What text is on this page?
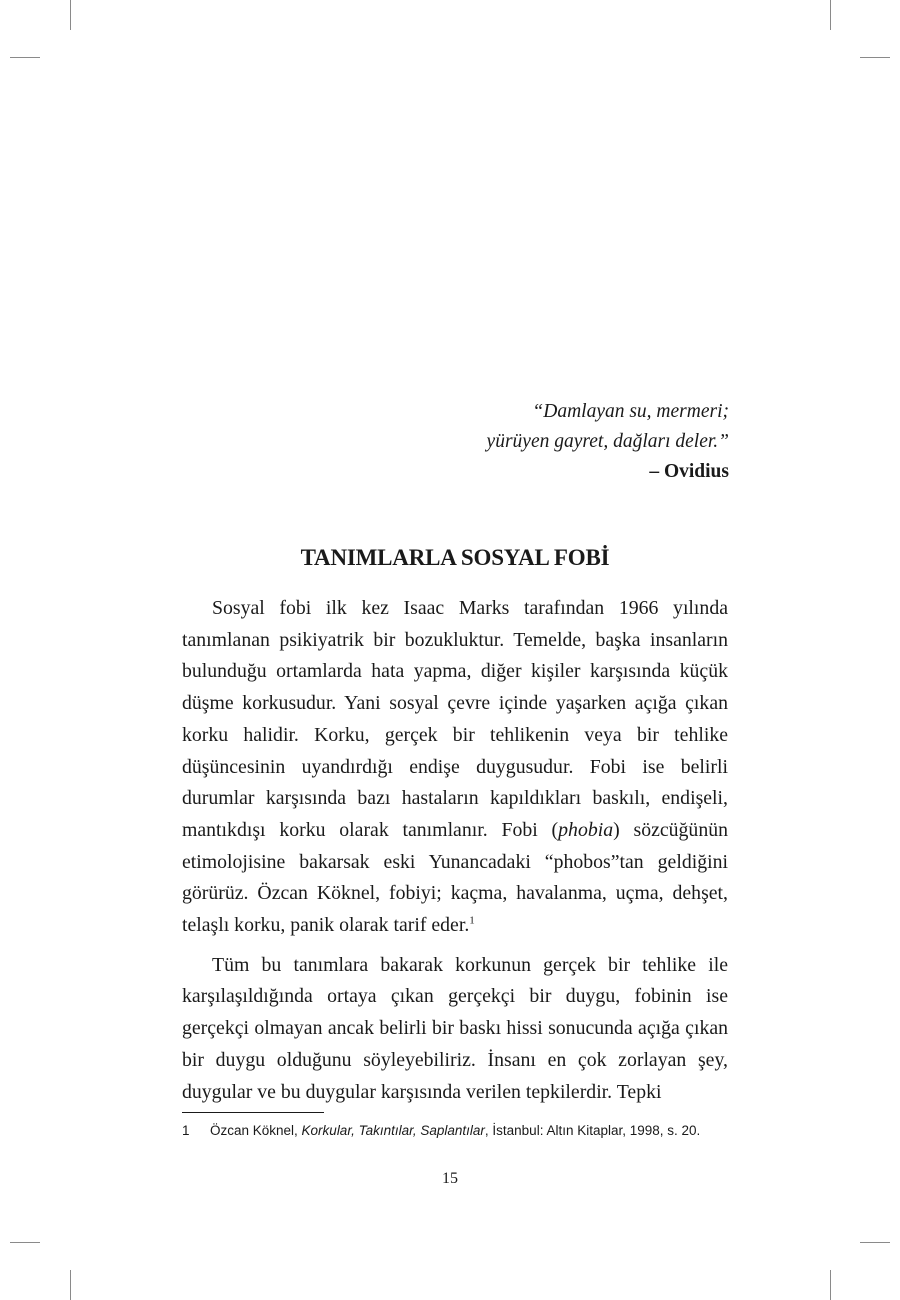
“Damlayan su, mermeri;
yürüyen gayret, dağları deler.”
– Ovidius
TANIMLARLA SOSYAL FOBİ

Sosyal fobi ilk kez Isaac Marks tarafından 1966 yılında tanımlanan psikiyatrik bir bozukluktur. Temelde, başka insanların bulunduğu ortamlarda hata yapma, diğer kişiler karşısında küçük düşme korkusudur. Yani sosyal çevre içinde yaşarken açığa çıkan korku halidir. Korku, gerçek bir tehlikenin veya bir tehlike düşüncesinin uyandırdığı endişe duygusudur. Fobi ise belirli durumlar karşısında bazı hastaların kapıldıkları baskılı, endişeli, mantıkdışı korku olarak tanımlanır. Fobi (phobia) sözcüğünün etimolojisine bakarsak eski Yunancadaki “phobos”tan geldiğini görürüz. Özcan Köknel, fobiyi; kaçma, havalanma, uçma, dehşet, telaşlı korku, panik olarak tarif eder.$^1$

Tüm bu tanımlara bakarak korkunun gerçek bir tehlike ile karşılaşıldığında ortaya çıkan gerçekçi bir duygu, fobinin ise gerçekçi olmayan ancak belirli bir baskı hissi sonucunda açığa çıkan bir duygu olduğunu söyleyebiliriz. İnsanı en çok zorlayan şey, duygular ve bu duygular karşısında verilen tepkilerdir. Tepki

1 Özcan Köknel, Korkular, Takıntılar, Saplantılar, İstanbul: Altın Kitaplar, 1998, s. 20.
15
